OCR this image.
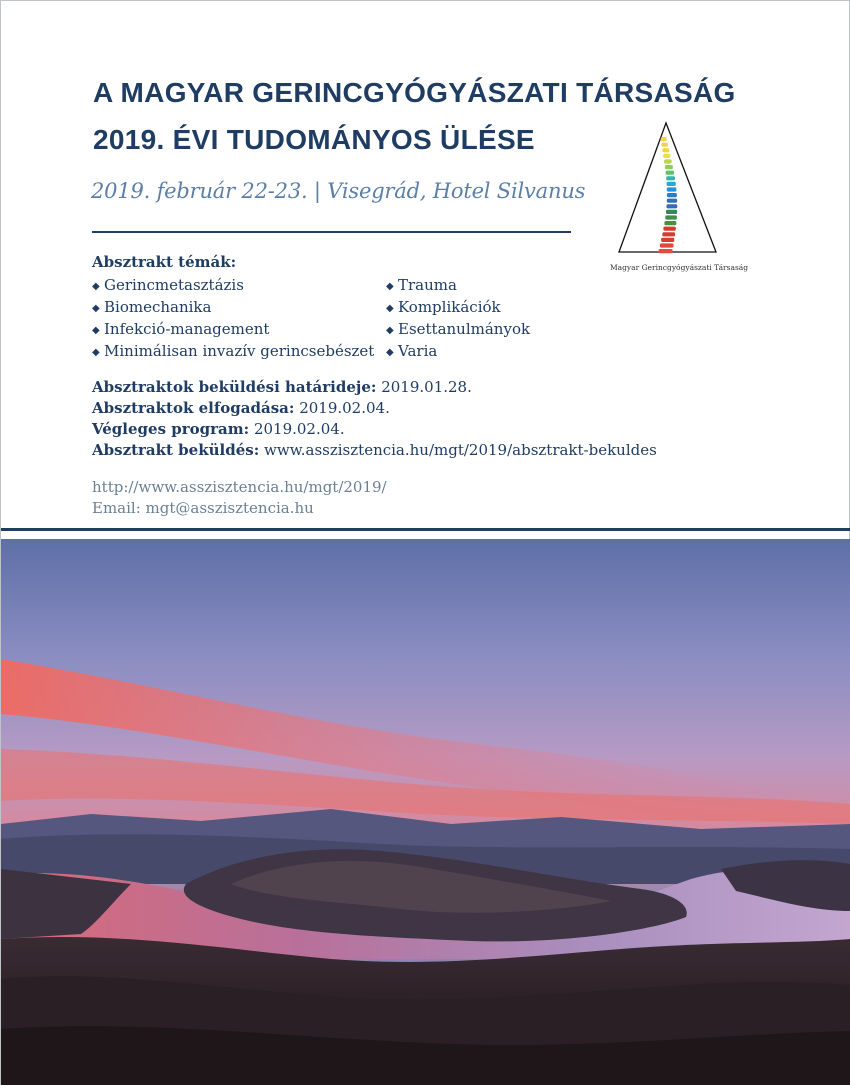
A MAGYAR GERINCGYÓGYÁSZATI TÁRSASÁG
2019. ÉVI TUDOMÁNYOS ÜLÉSE
2019. február 22-23. | Visegrád, Hotel Silvanus
Magyar Gerincgyógyászati Társaság
Absztrakt témák:
◆ Gerincmetasztázis
◆ Biomechanika
◆ Infekció-management
◆ Minimálisan invazív gerincsebészet
◆ Trauma
◆ Komplikációk
◆ Esettanulmányok
◆ Varia
Absztraktok beküldési határideje: 2019.01.28.
Absztraktok elfogadása: 2019.02.04.
Végleges program: 2019.02.04.
Absztrakt beküldés: www.asszisztencia.hu/mgt/2019/absztrakt-bekuldes
http://www.asszisztencia.hu/mgt/2019/
Email: mgt@asszisztencia.hu
